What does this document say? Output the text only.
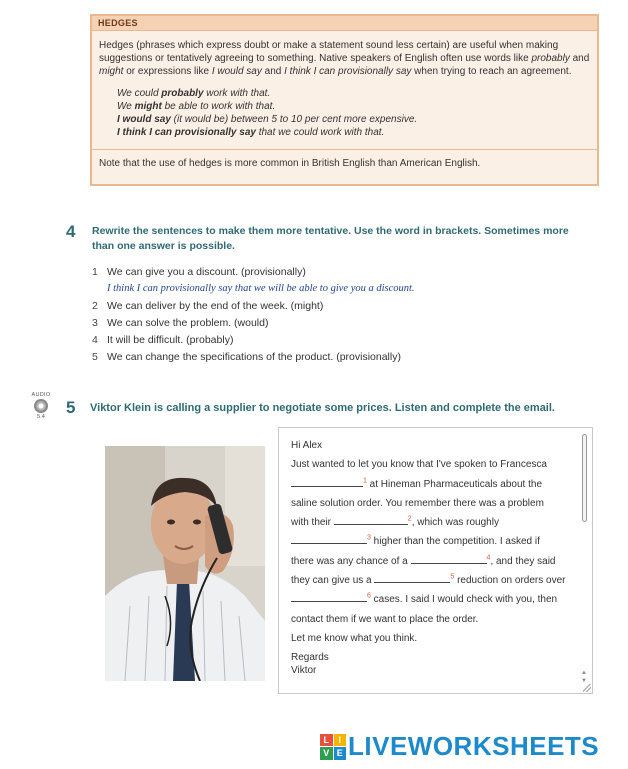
HEDGES

Hedges (phrases which express doubt or make a statement sound less certain) are useful when making suggestions or tentatively agreeing to something. Native speakers of English often use words like probably and might or expressions like I would say and I think I can provisionally say when trying to reach an agreement.

We could probably work with that.
We might be able to work with that.
I would say (it would be) between 5 to 10 per cent more expensive.
I think I can provisionally say that we could work with that.

Note that the use of hedges is more common in British English than American English.

4 Rewrite the sentences to make them more tentative. Use the word in brackets. Sometimes more than one answer is possible.
1 We can give you a discount. (provisionally)
I think I can provisionally say that we will be able to give you a discount.
2 We can deliver by the end of the week. (might)
3 We can solve the problem. (would)
4 It will be difficult. (probably)
5 We can change the specifications of the product. (provisionally)
AUDIO
5.4	5 Viktor Klein is calling a supplier to negotiate some prices. Listen and complete the email.
Hi Alex
Just wanted to let you know that I've spoken to Francesca
$^1$ at Hineman Pharmaceuticals about the
saline solution order. You remember there was a problem
with their	$^2$, which was roughly
$^3$ higher than the competition. I asked if
there was any chance of a	$^4$, and they said
they can give us a	$^5$ reduction on orders over
$^6$ cases. I said I would check with you, then
contact them if we want to place the order.
Let me know what you think.
Regards
Viktor	▲
▼
L	I
V E LIVEWORKSHEETS
